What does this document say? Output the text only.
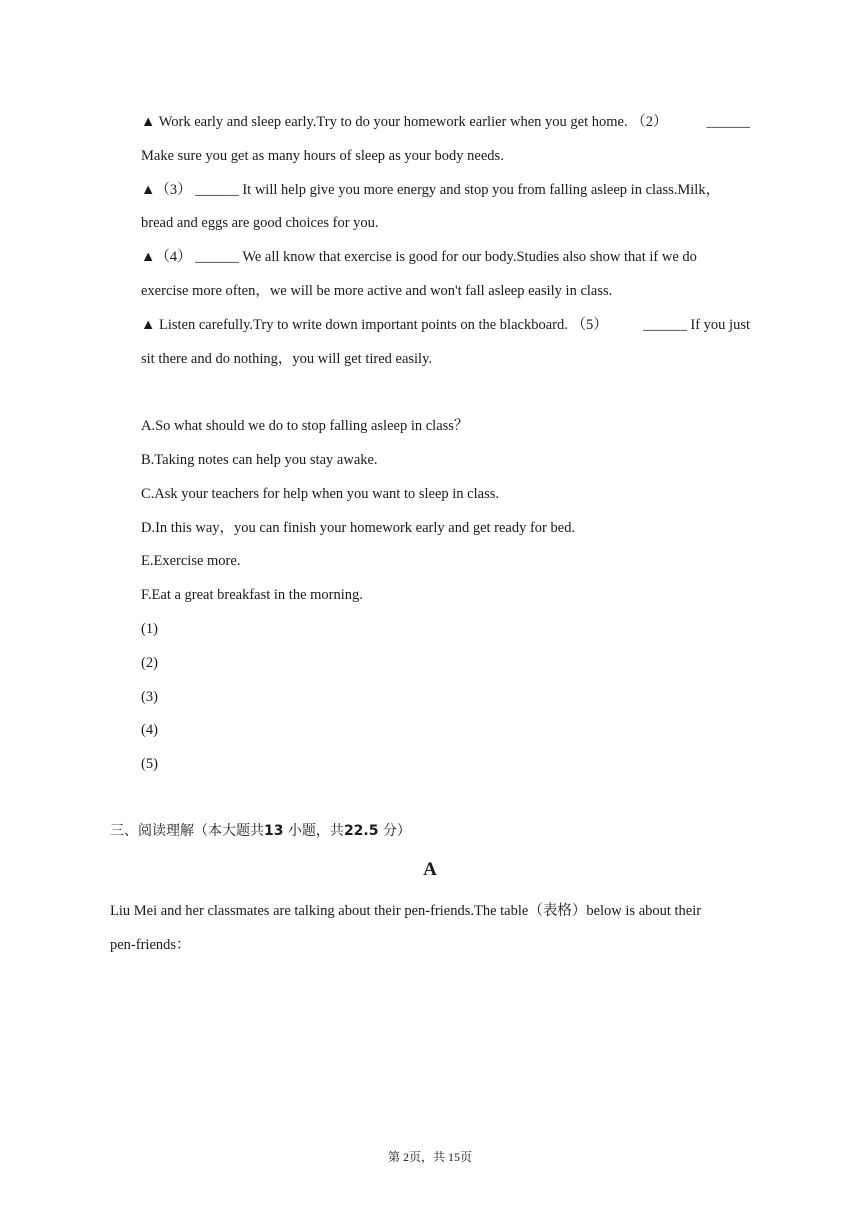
▲ Work early and sleep early.Try to do your homework earlier when you get home. （2）	______
Make sure you get as many hours of sleep as your body needs.
▲（3） ______ It will help give you more energy and stop you from falling asleep in class.Milk，
bread and eggs are good choices for you.
▲（4） ______ We all know that exercise is good for our body.Studies also show that if we do
exercise more often，we will be more active and won't fall asleep easily in class.
▲ Listen carefully.Try to write down important points on the blackboard. （5） ______ If you just
sit there and do nothing，you will get tired easily.
A.So what should we do to stop falling asleep in class？
B.Taking notes can help you stay awake.
C.Ask your teachers for help when you want to sleep in class.
D.In this way，you can finish your homework early and get ready for bed.
E.Exercise more.
F.Eat a great breakfast in the morning.
(1)
(2)
(3)
(4)
(5)
三、阅读理解（本大题共13 小题，共22.5 分）
A
Liu Mei and her classmates are talking about their pen-friends.The table（表格）below is about their
pen-friends：
第 2页，共 15页
